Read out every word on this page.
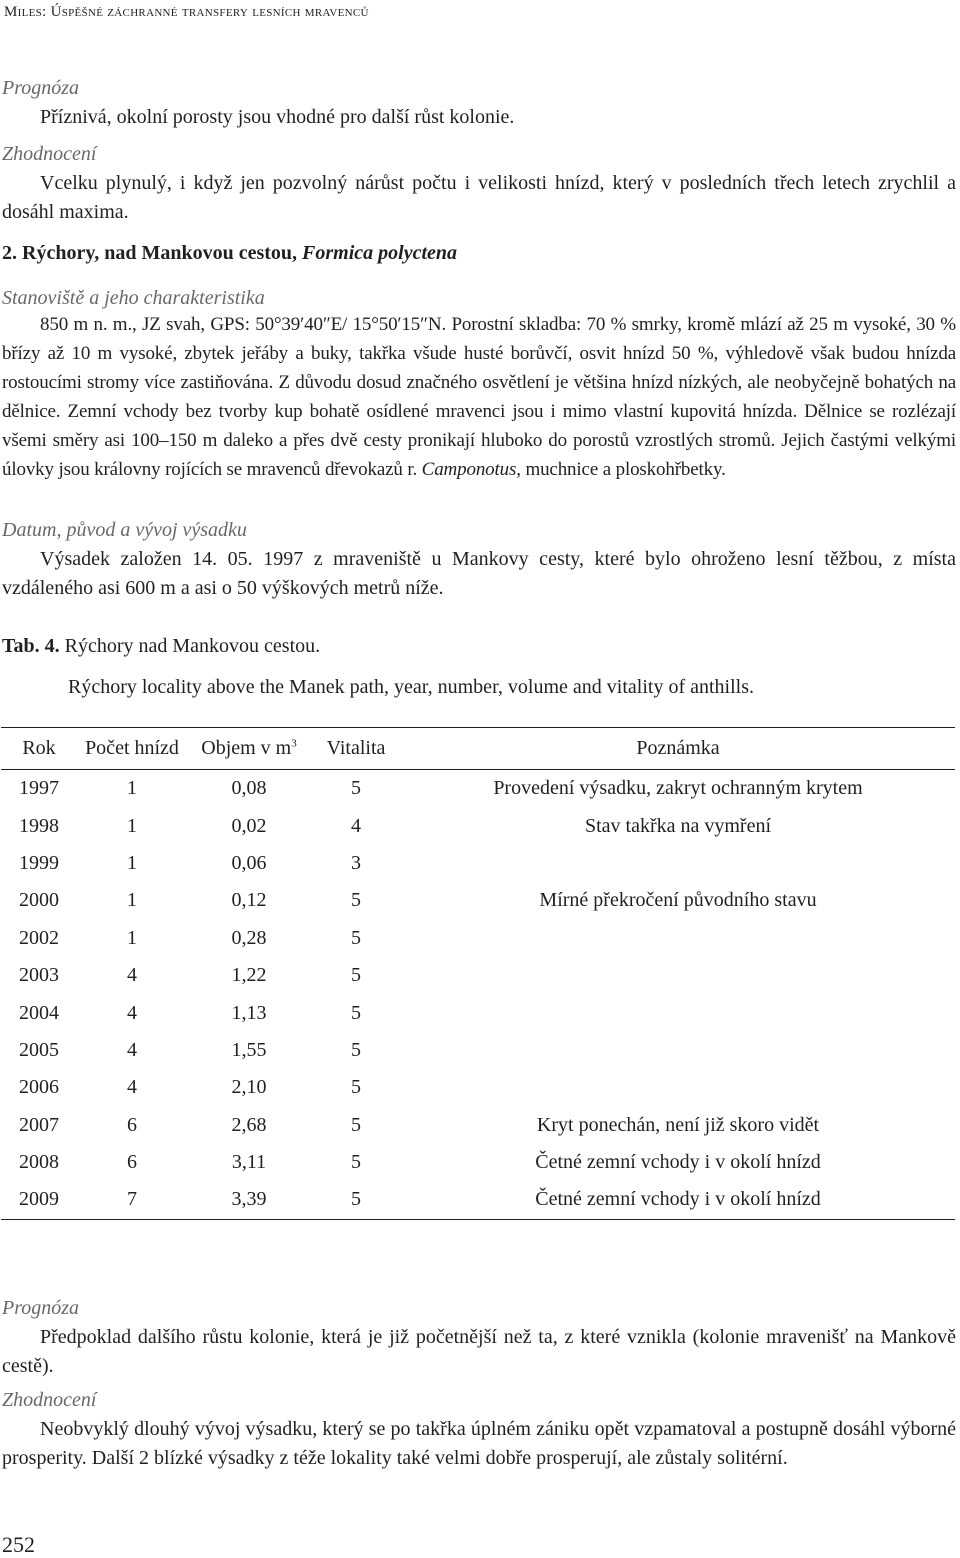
Miles: Úspěšné záchranné transfery lesních mravenců
Prognóza

Příznivá, okolní porosty jsou vhodné pro další růst kolonie.

Zhodnocení

Vcelku plynulý, i když jen pozvolný nárůst počtu i velikosti hnízd, který v posledních třech letech zrychlil a dosáhl maxima.

2. Rýchory, nad Mankovou cestou, Formica polyctena
Stanoviště a jeho charakteristika

850 m n. m., JZ svah, GPS: 50°39′40″E/ 15°50′15″N. Porostní skladba: 70 % smrky, kromě mlází až 25 m vysoké, 30 % břízy až 10 m vysoké, zbytek jeřáby a buky, takřka všude husté borůvčí, osvit hnízd 50 %, výhledově však budou hnízda rostoucími stromy více zastiňována. Z důvodu dosud značného osvětlení je většina hnízd nízkých, ale neobyčejně bohatých na dělnice. Zemní vchody bez tvorby kup bohatě osídlené mravenci jsou i mimo vlastní kupovitá hnízda. Dělnice se rozlézají všemi směry asi 100–150 m daleko a přes dvě cesty pronikají hluboko do porostů vzrostlých stromů. Jejich častými velkými úlovky jsou královny rojících se mravenců dřevokazů r. Camponotus, muchnice a ploskohřbetky.

Datum, původ a vývoj výsadku

Výsadek založen 14. 05. 1997 z mraveniště u Mankovy cesty, které bylo ohroženo lesní těžbou, z místa vzdáleného asi 600 m a asi o 50 výškových metrů níže.

Tab. 4. Rýchory nad Mankovou cestou.
Rýchory locality above the Manek path, year, number, volume and vitality of anthills.
Rok	Počet hnízd	Objem v $m^3$	Vitalita	Poznámka
1997	1	0,08	5	Provedení výsadku, zakryt ochranným krytem
1998	1	0,02	4	Stav takřka na vymření
1999	1	0,06	3	
2000	1	0,12	5	Mírné překročení původního stavu
2002	1	0,28	5	
2003	4	1,22	5	
2004	4	1,13	5	
2005	4	1,55	5	
2006	4	2,10	5	
2007	6	2,68	5	Kryt ponechán, není již skoro vidět
2008	6	3,11	5	Četné zemní vchody i v okolí hnízd
2009	7	3,39	5	Četné zemní vchody i v okolí hnízd
Prognóza

Předpoklad dalšího růstu kolonie, která je již početnější než ta, z které vznikla (kolonie mravenišť na Mankově cestě).

Zhodnocení

Neobvyklý dlouhý vývoj výsadku, který se po takřka úplném zániku opět vzpamatoval a postupně dosáhl výborné prosperity. Další 2 blízké výsadky z téže lokality také velmi dobře prosperují, ale zůstaly solitérní.

252
